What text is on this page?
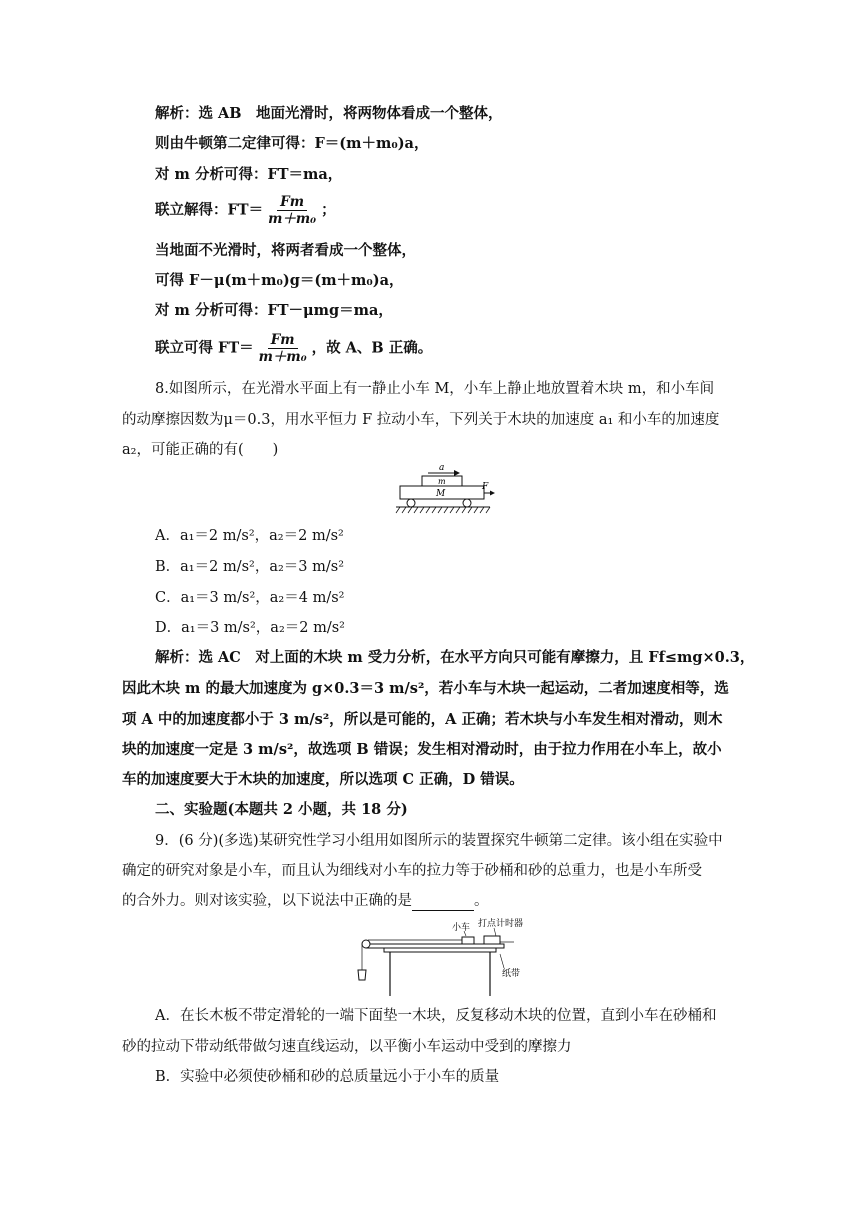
解析：选 AB　地面光滑时，将两物体看成一个整体，
则由牛顿第二定律可得：F＝(m＋m₀)a，
对 m 分析可得：FT＝ma，
联立解得：$FT= \frac{Fm}{\text{m＋m₀}}$ ；
当地面不光滑时，将两者看成一个整体，
可得 F－μ(m＋m₀)g＝(m＋m₀)a，
对 m 分析可得：FT－μmg＝ma，
联立可得 $FT= \frac{Fm}{\text{m＋m₀}}$ ，故 A、B 正确。
8.如图所示，在光滑水平面上有一静止小车 M，小车上静止地放置着木块 m，和小车间
的动摩擦因数为μ＝0.3，用水平恒力 F 拉动小车，下列关于木块的加速度 a₁ 和小车的加速度
a₂，可能正确的有(　　)
a
m
M
F
A．a₁＝2 m/s²，a₂＝2 m/s²
B．a₁＝2 m/s²，a₂＝3 m/s²
C．a₁＝3 m/s²，a₂＝4 m/s²
D．a₁＝3 m/s²，a₂＝2 m/s²
解析：选 AC　对上面的木块 m 受力分析，在水平方向只可能有摩擦力，且 Ff≤mg×0.3，
因此木块 m 的最大加速度为 g×0.3＝3 m/s²，若小车与木块一起运动，二者加速度相等，选
项 A 中的加速度都小于 3 m/s²，所以是可能的，A 正确；若木块与小车发生相对滑动，则木
块的加速度一定是 3 m/s²，故选项 B 错误；发生相对滑动时，由于拉力作用在小车上，故小
车的加速度要大于木块的加速度，所以选项 C 正确，D 错误。
二、实验题(本题共 2 小题，共 18 分)
9．(6 分)(多选)某研究性学习小组用如图所示的装置探究牛顿第二定律。该小组在实验中
确定的研究对象是小车，而且认为细线对小车的拉力等于砂桶和砂的总重力，也是小车所受
的合外力。则对该实验，以下说法中正确的是	。
小车 打点计时器
纸带
A．在长木板不带定滑轮的一端下面垫一木块，反复移动木块的位置，直到小车在砂桶和
砂的拉动下带动纸带做匀速直线运动，以平衡小车运动中受到的摩擦力
B．实验中必须使砂桶和砂的总质量远小于小车的质量
